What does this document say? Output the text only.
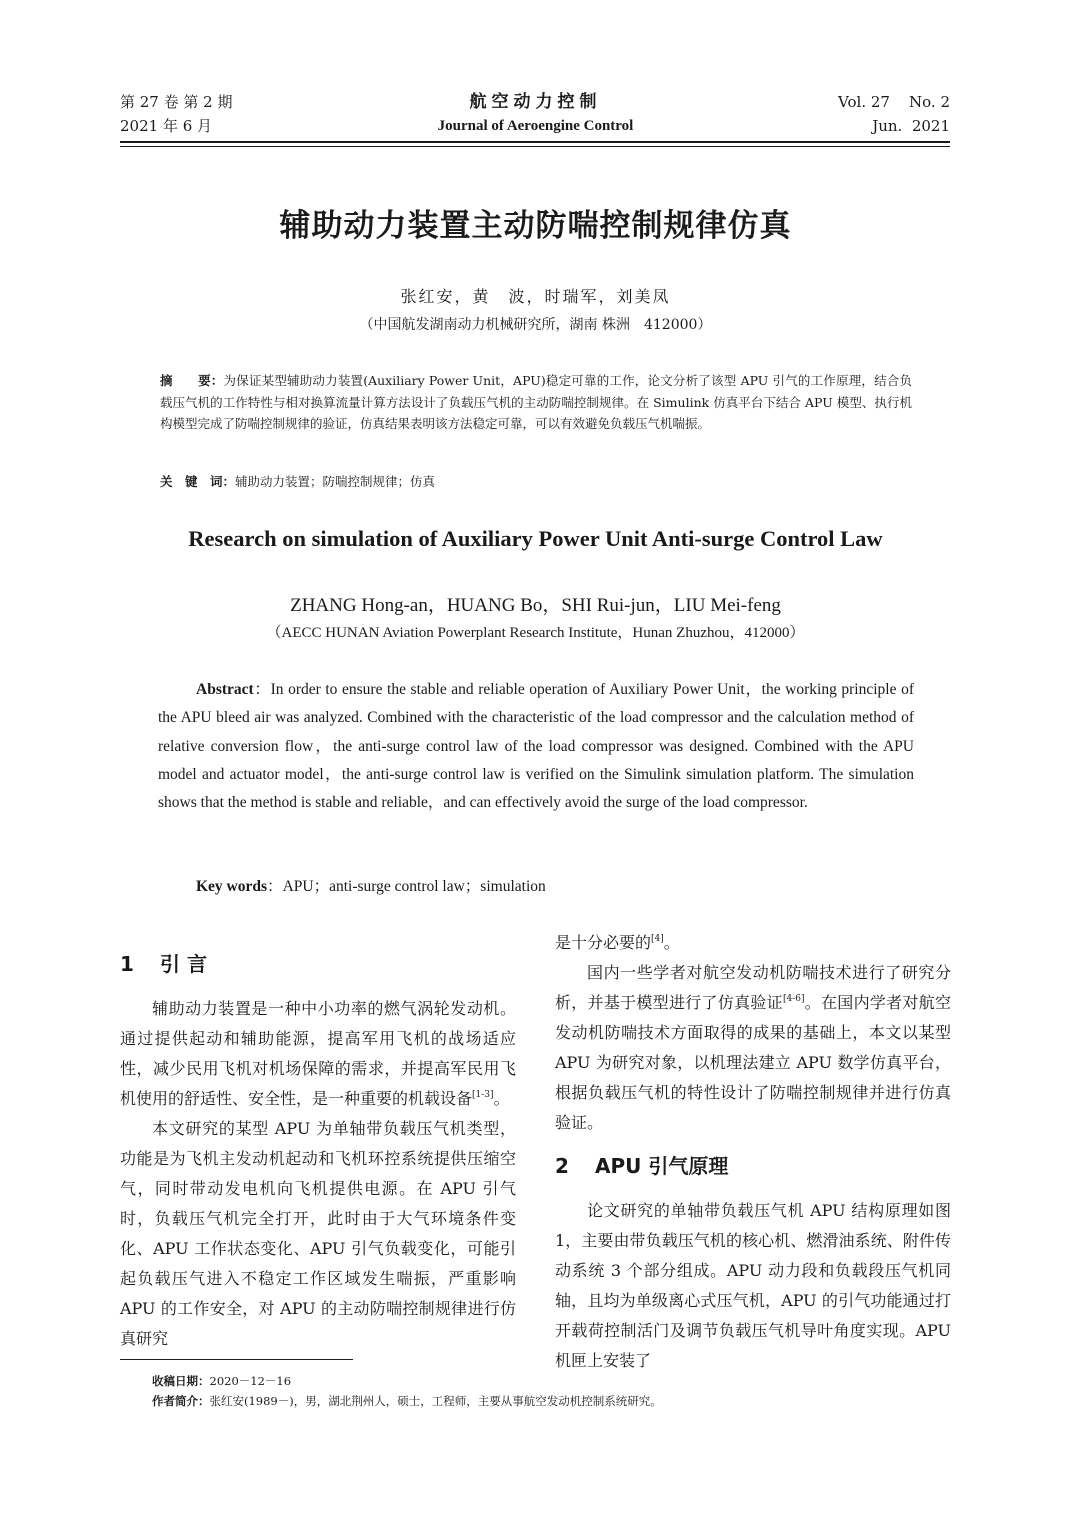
第 27 卷 第 2 期
2021 年 6 月
航空动力控制
Journal of Aeroengine Control
Vol. 27    No. 2
Jun.  2021
辅助动力装置主动防喘控制规律仿真
张红安，黄　波，时瑞军，刘美凤
（中国航发湖南动力机械研究所，湖南 株洲　412000）
摘　　要：为保证某型辅助动力装置(Auxiliary Power Unit，APU)稳定可靠的工作，论文分析了该型 APU 引气的工作原理，结合负载压气机的工作特性与相对换算流量计算方法设计了负载压气机的主动防喘控制规律。在 Simulink 仿真平台下结合 APU 模型、执行机构模型完成了防喘控制规律的验证，仿真结果表明该方法稳定可靠，可以有效避免负载压气机喘振。
关　键　词：辅助动力装置；防喘控制规律；仿真
Research on simulation of Auxiliary Power Unit Anti-surge Control Law
ZHANG Hong-an，HUANG Bo，SHI Rui-jun，LIU Mei-feng
（AECC HUNAN Aviation Powerplant Research Institute，Hunan Zhuzhou，412000）
Abstract：In order to ensure the stable and reliable operation of Auxiliary Power Unit，the working principle of the APU bleed air was analyzed. Combined with the characteristic of the load compressor and the calculation method of relative conversion flow，the anti-surge control law of the load compressor was designed. Combined with the APU model and actuator model，the anti-surge control law is verified on the Simulink simulation platform. The simulation shows that the method is stable and reliable，and can effectively avoid the surge of the load compressor.
Key words：APU；anti-surge control law；simulation
1 引 言

辅助动力装置是一种中小功率的燃气涡轮发动机。通过提供起动和辅助能源，提高军用飞机的战场适应性，减少民用飞机对机场保障的需求，并提高军民用飞机使用的舒适性、安全性，是一种重要的机载设备[1-3]。

本文研究的某型 APU 为单轴带负载压气机类型，功能是为飞机主发动机起动和飞机环控系统提供压缩空气，同时带动发电机向飞机提供电源。在 APU 引气时，负载压气机完全打开，此时由于大气环境条件变化、APU 工作状态变化、APU 引气负载变化，可能引起负载压气进入不稳定工作区域发生喘振，严重影响 APU 的工作安全，对 APU 的主动防喘控制规律进行仿真研究

是十分必要的[4]。

国内一些学者对航空发动机防喘技术进行了研究分析，并基于模型进行了仿真验证[4-6]。在国内学者对航空发动机防喘技术方面取得的成果的基础上，本文以某型 APU 为研究对象，以机理法建立 APU 数学仿真平台，根据负载压气机的特性设计了防喘控制规律并进行仿真验证。

2 APU 引气原理

论文研究的单轴带负载压气机 APU 结构原理如图 1，主要由带负载压气机的核心机、燃滑油系统、附件传动系统 3 个部分组成。APU 动力段和负载段压气机同轴，且均为单级离心式压气机，APU 的引气功能通过打开载荷控制活门及调节负载压气机导叶角度实现。APU 机匣上安装了

收稿日期：2020－12－16
作者简介：张红安(1989－)，男，湖北荆州人，硕士，工程师，主要从事航空发动机控制系统研究。
